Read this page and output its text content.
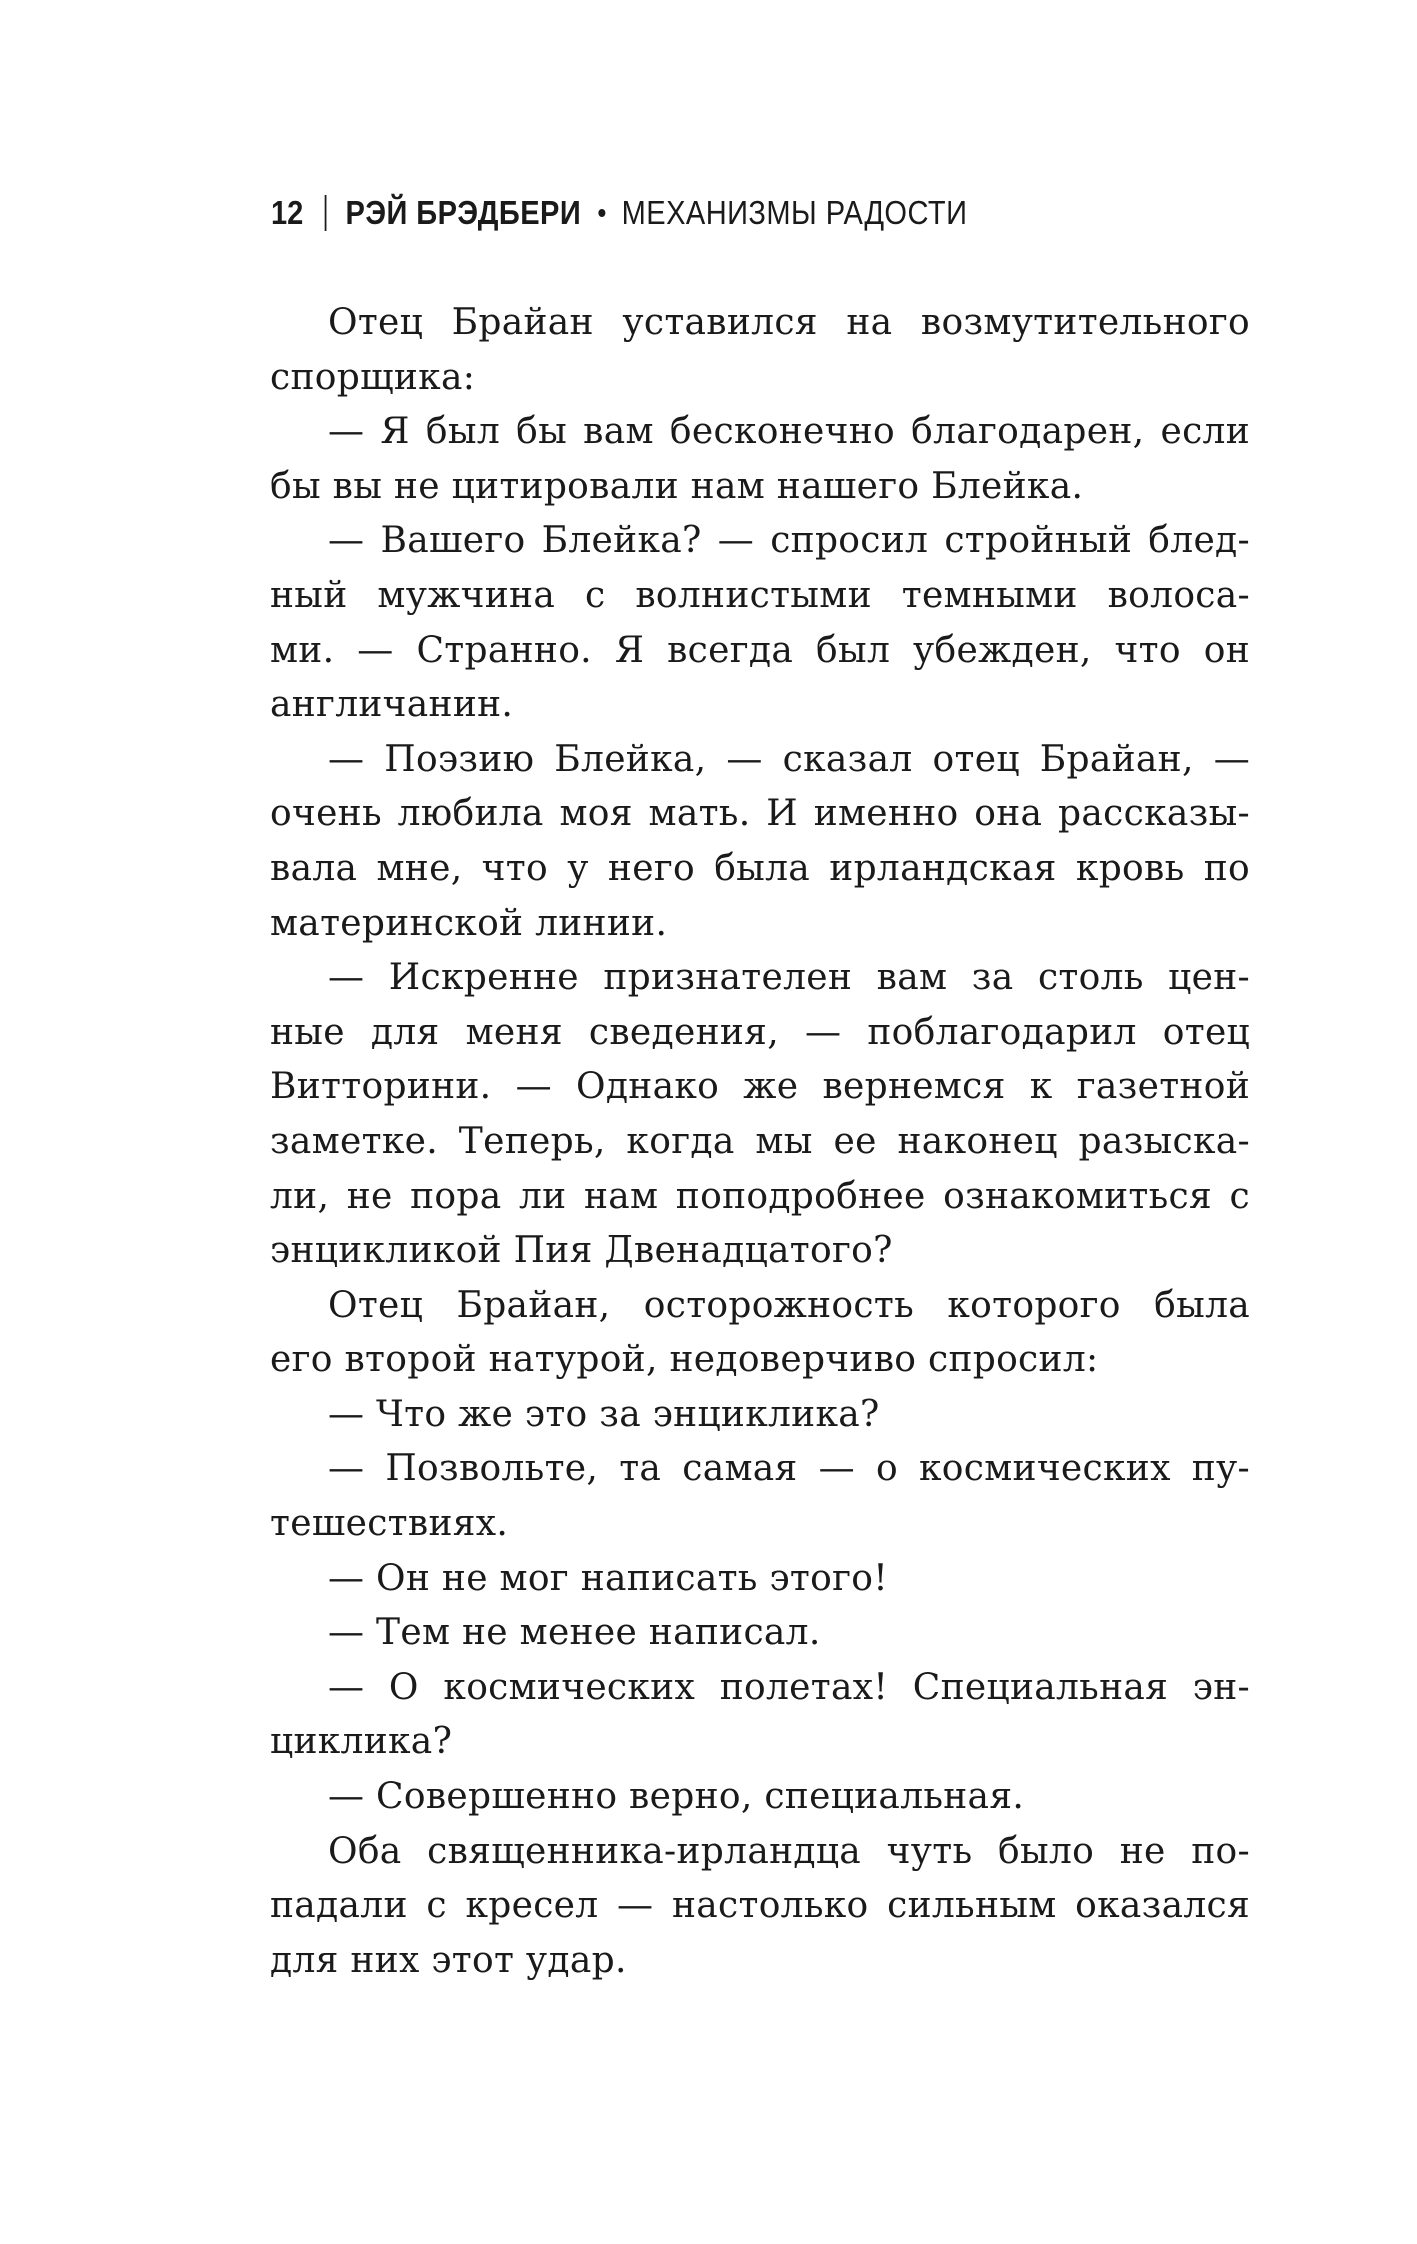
12 РЭЙ БРЭДБЕРИ МЕХАНИЗМЫ РАДОСТИ
Отец Брайан уставился на возмутительного
спорщика:
— Я был бы вам бесконечно благодарен, если
бы вы не цитировали нам нашего Блейка.
— Вашего Блейка? — спросил стройный блед-
ный мужчина с волнистыми темными волоса-
ми. — Странно. Я всегда был убежден, что он
англичанин.
— Поэзию Блейка, — сказал отец Брайан, —
очень любила моя мать. И именно она рассказы-
вала мне, что у него была ирландская кровь по
материнской линии.
— Искренне признателен вам за столь цен-
ные для меня сведения, — поблагодарил отец
Витторини. — Однако же вернемся к газетной
заметке. Теперь, когда мы ее наконец разыска-
ли, не пора ли нам поподробнее ознакомиться с
энцикликой Пия Двенадцатого?
Отец Брайан, осторожность которого была
его второй натурой, недоверчиво спросил:
— Что же это за энциклика?
— Позвольте, та самая — о космических пу-
тешествиях.
— Он не мог написать этого!
— Тем не менее написал.
— О космических полетах! Специальная эн-
циклика?
— Совершенно верно, специальная.
Оба священника-ирландца чуть было не по-
падали с кресел — настолько сильным оказался
для них этот удар.
